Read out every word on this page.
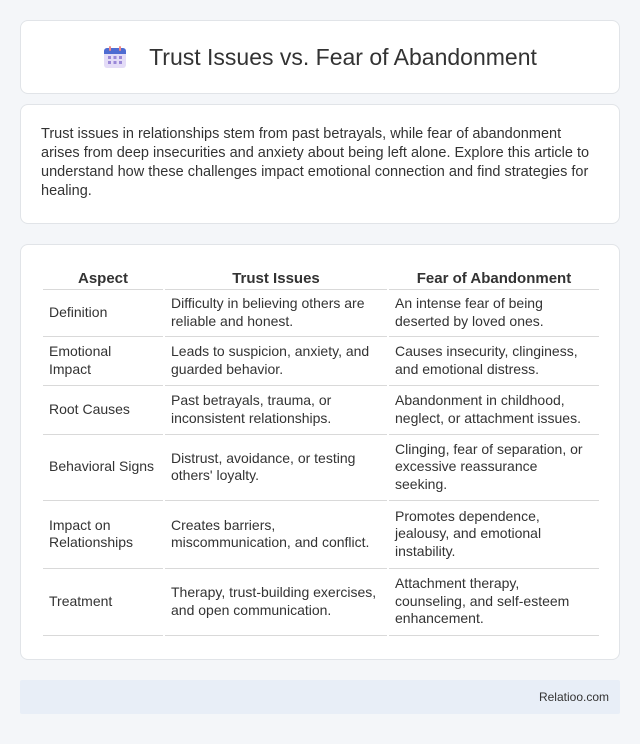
Trust Issues vs. Fear of Abandonment

Trust issues in relationships stem from past betrayals, while fear of abandonment arises from deep insecurities and anxiety about being left alone. Explore this article to understand how these challenges impact emotional connection and find strategies for healing.

Aspect	Trust Issues	Fear of Abandonment
Definition	Difficulty in believing others are reliable and honest.	An intense fear of being deserted by loved ones.
Emotional Impact	Leads to suspicion, anxiety, and guarded behavior.	Causes insecurity, clinginess, and emotional distress.
Root Causes	Past betrayals, trauma, or inconsistent relationships.	Abandonment in childhood, neglect, or attachment issues.
Behavioral Signs	Distrust, avoidance, or testing others' loyalty.	Clinging, fear of separation, or excessive reassurance seeking.
Impact on Relationships	Creates barriers, miscommunication, and conflict.	Promotes dependence, jealousy, and emotional instability.
Treatment	Therapy, trust-building exercises, and open communication.	Attachment therapy, counseling, and self-esteem enhancement.
Relatioo.com
